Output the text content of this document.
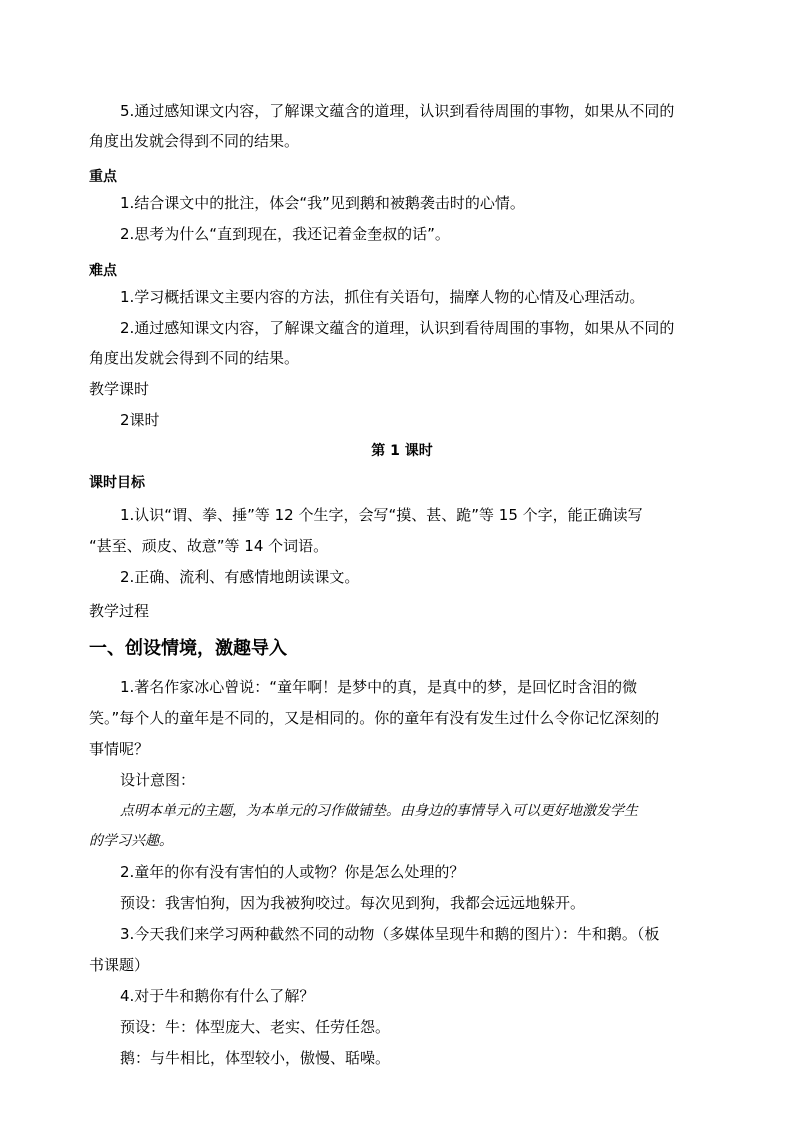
5.通过感知课文内容，了解课文蕴含的道理，认识到看待周围的事物，如果从不同的

角度出发就会得到不同的结果。

重点

1.结合课文中的批注，体会“我”见到鹅和被鹅袭击时的心情。

2.思考为什么“直到现在，我还记着金奎叔的话”。

难点

1.学习概括课文主要内容的方法，抓住有关语句，揣摩人物的心情及心理活动。

2.通过感知课文内容，了解课文蕴含的道理，认识到看待周围的事物，如果从不同的

角度出发就会得到不同的结果。

教学课时

2课时

第 1 课时

课时目标

1.认识“谓、拳、捶”等 12 个生字，会写“摸、甚、跪”等 15 个字，能正确读写

“甚至、顽皮、故意”等 14 个词语。

2.正确、流利、有感情地朗读课文。

教学过程

一、创设情境，激趣导入

1.著名作家冰心曾说：“童年啊！是梦中的真，是真中的梦，是回忆时含泪的微

笑。”每个人的童年是不同的，又是相同的。你的童年有没有发生过什么令你记忆深刻的

事情呢？

设计意图：

点明本单元的主题，为本单元的习作做铺垫。由身边的事情导入可以更好地激发学生

的学习兴趣。

2.童年的你有没有害怕的人或物？你是怎么处理的？

预设：我害怕狗，因为我被狗咬过。每次见到狗，我都会远远地躲开。

3.今天我们来学习两种截然不同的动物（多媒体呈现牛和鹅的图片）：牛和鹅。（板

书课题）

4.对于牛和鹅你有什么了解？

预设：牛：体型庞大、老实、任劳任怨。

鹅：与牛相比，体型较小，傲慢、聒噪。
